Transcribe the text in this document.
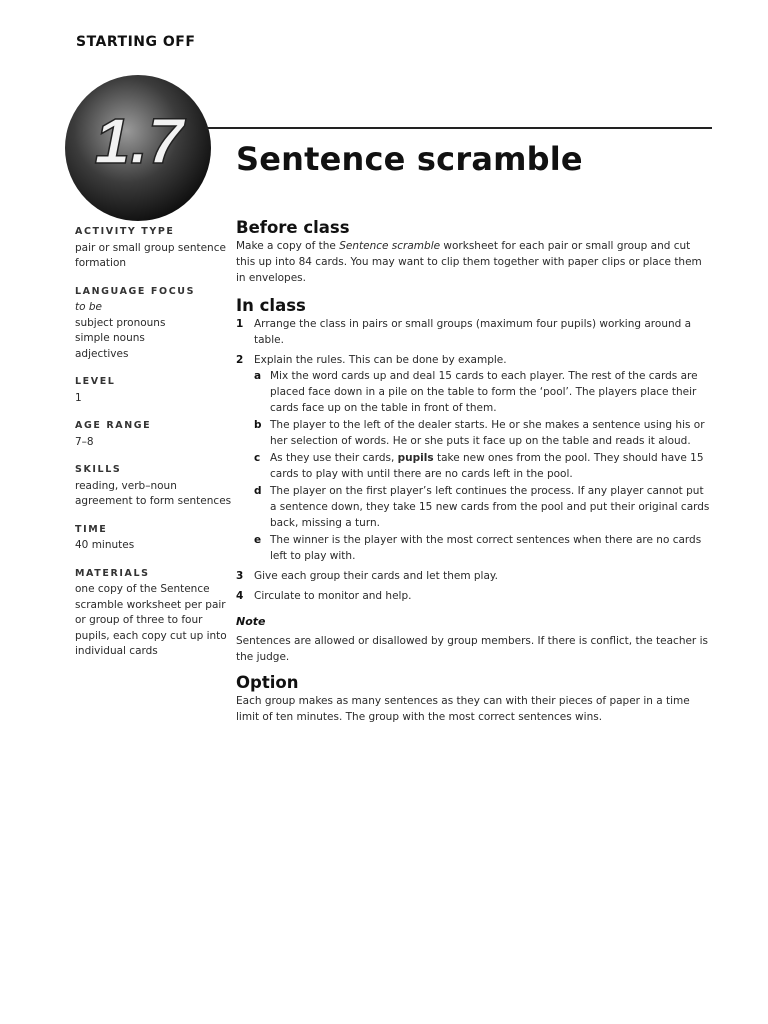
STARTING OFF
1.7 Sentence scramble
ACTIVITY TYPE
pair or small group sentence
formation
LANGUAGE FOCUS
to be
subject pronouns
simple nouns
adjectives
LEVEL
1
AGE RANGE
7–8
SKILLS
reading, verb–noun
agreement to form sentences
TIME
40 minutes
MATERIALS
one copy of the Sentence
scramble worksheet per pair
or group of three to four
pupils, each copy cut up into
individual cards
Before class

Make a copy of the Sentence scramble worksheet for each pair or small group and cut this up into 84 cards. You may want to clip them together with paper clips or place them in envelopes.

In class
1	Arrange the class in pairs or small groups (maximum four pupils) working around a table.
2	Explain the rules. This can be done by example.
a Mix the word cards up and deal 15 cards to each player. The rest of the cards are placed face down in a pile on the table to form the ‘pool’. The players place their cards face up on the table in front of them.
b The player to the left of the dealer starts. He or she makes a sentence using his or her selection of words. He or she puts it face up on the table and reads it aloud.
c As they use their cards, pupils take new ones from the pool. They should have 15 cards to play with until there are no cards left in the pool.
d The player on the first player’s left continues the process. If any player cannot put a sentence down, they take 15 new cards from the pool and put their original cards back, missing a turn.
e The winner is the player with the most correct sentences when there are no cards left to play with.
3	Give each group their cards and let them play.
4	Circulate to monitor and help.
Note

Sentences are allowed or disallowed by group members. If there is conflict, the teacher is the judge.

Option

Each group makes as many sentences as they can with their pieces of paper in a time limit of ten minutes. The group with the most correct sentences wins.
